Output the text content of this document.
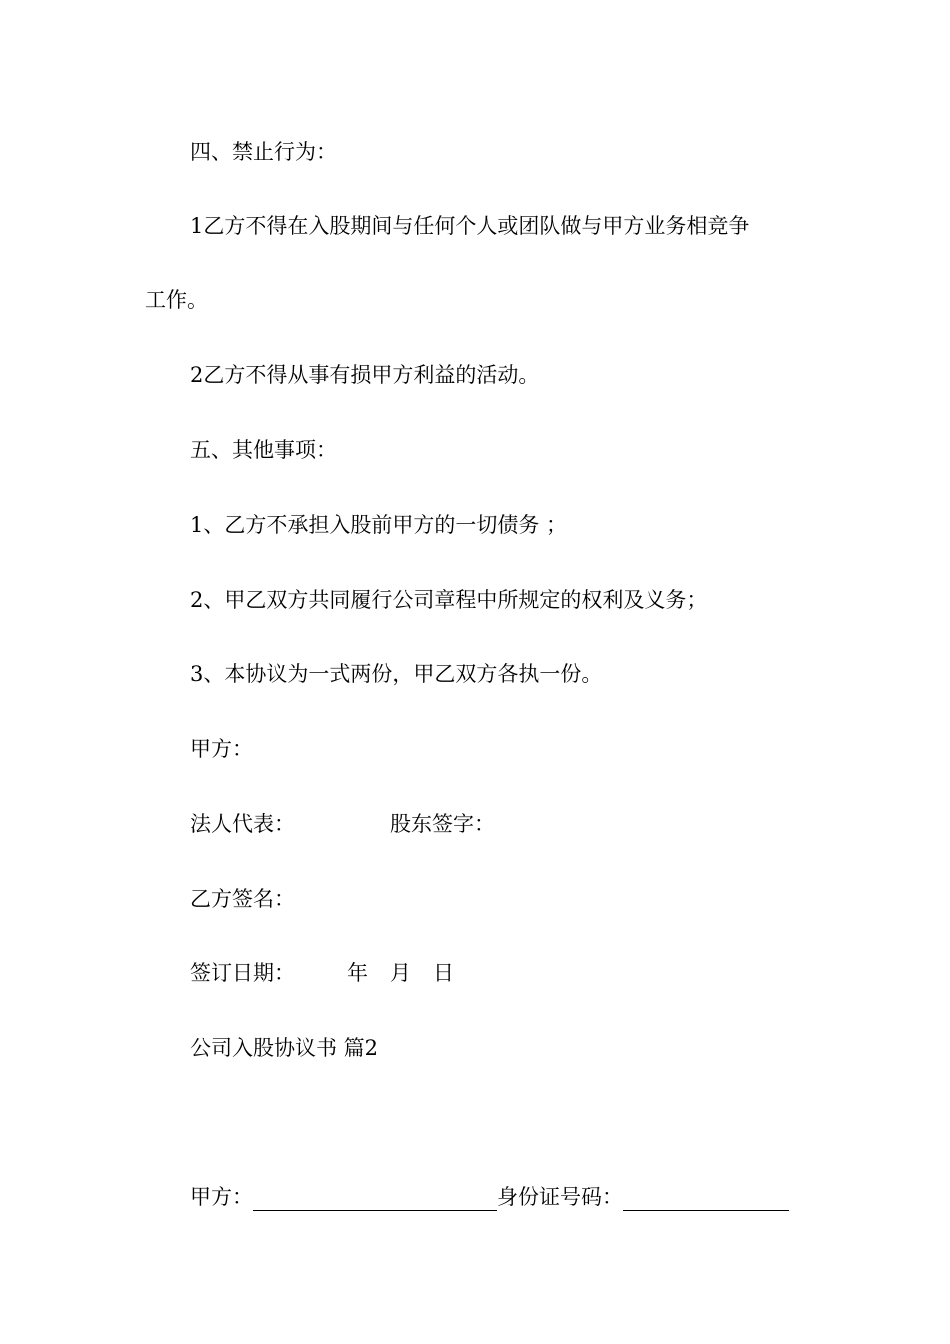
四、禁止行为：
1乙方不得在入股期间与任何个人或团队做与甲方业务相竞争
工作。
2乙方不得从事有损甲方利益的活动。
五、其他事项：
1、乙方不承担入股前甲方的一切债务 ；
2、甲乙双方共同履行公司章程中所规定的权利及义务；
3、本协议为一式两份，甲乙双方各执一份。
甲方：
法人代表：	股东签字：
乙方签名：
签订日期： 年 月 日
公司入股协议书 篇2
甲方：	身份证号码：
